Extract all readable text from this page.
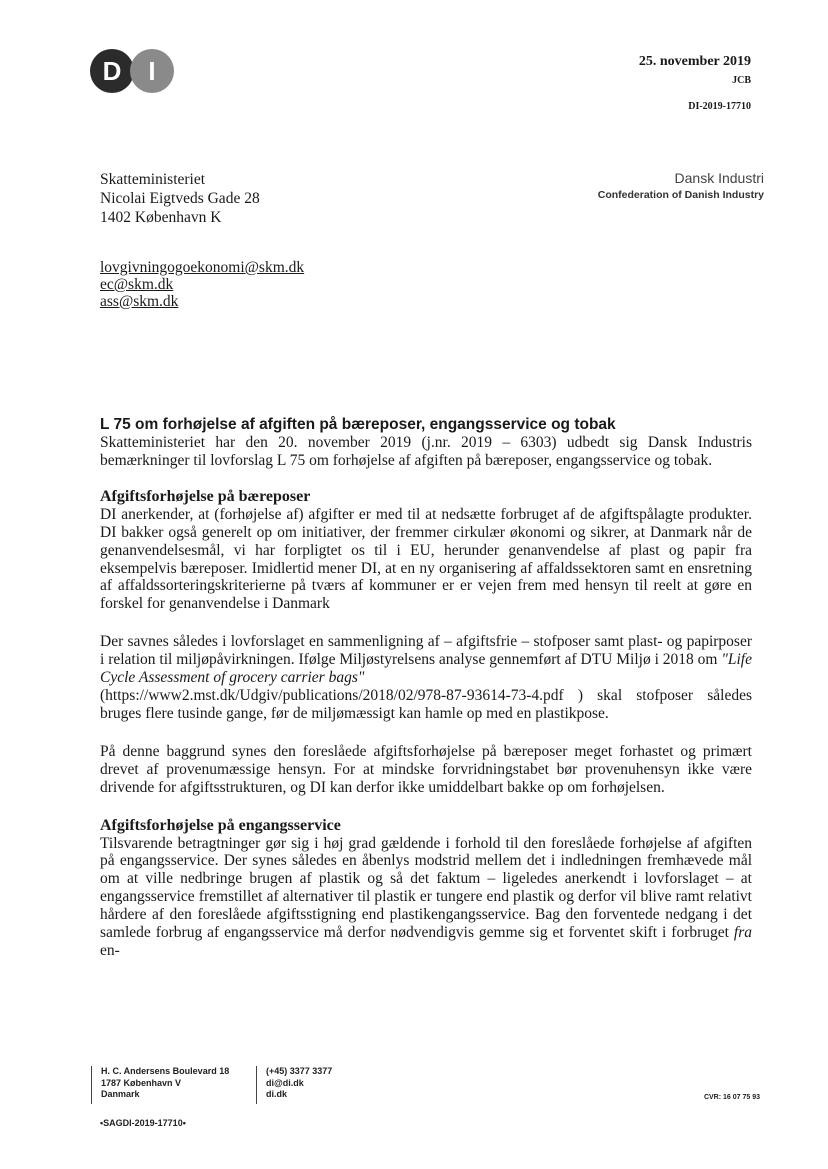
D	I	25. november 2019
JCB
DI-2019-17710
Skatteministeriet
Nicolai Eigtveds Gade 28
1402 København K
Dansk Industri
Confederation of Danish Industry
lovgivningogoekonomi@skm.dk
ec@skm.dk
ass@skm.dk
L 75 om forhøjelse af afgiften på bæreposer, engangsservice og tobak

Skatteministeriet har den 20. november 2019 (j.nr. 2019 – 6303) udbedt sig Dansk Industris bemærkninger til lovforslag L 75 om forhøjelse af afgiften på bæreposer, engangsservice og tobak.

Afgiftsforhøjelse på bæreposer

DI anerkender, at (forhøjelse af) afgifter er med til at nedsætte forbruget af de afgiftspålagte produkter. DI bakker også generelt op om initiativer, der fremmer cirkulær økonomi og sikrer, at Danmark når de genanvendelsesmål, vi har forpligtet os til i EU, herunder genanvendelse af plast og papir fra eksempelvis bæreposer. Imidlertid mener DI, at en ny organisering af affaldssektoren samt en ensretning af affaldssorteringskriterierne på tværs af kommuner er er vejen frem med hensyn til reelt at gøre en forskel for genanvendelse i Danmark

Der savnes således i lovforslaget en sammenligning af – afgiftsfrie – stofposer samt plast- og papirposer i relation til miljøpåvirkningen. Ifølge Miljøstyrelsens analyse gennemført af DTU Miljø i 2018 om "Life Cycle Assessment of grocery carrier bags"
(https://www2.mst.dk/Udgiv/publications/2018/02/978-87-93614-73-4.pdf ) skal stofposer således bruges flere tusinde gange, før de miljømæssigt kan hamle op med en plastikpose.

På denne baggrund synes den foreslåede afgiftsforhøjelse på bæreposer meget forhastet og primært drevet af provenumæssige hensyn. For at mindske forvridningstabet bør provenuhensyn ikke være drivende for afgiftsstrukturen, og DI kan derfor ikke umiddelbart bakke op om forhøjelsen.

Afgiftsforhøjelse på engangsservice

Tilsvarende betragtninger gør sig i høj grad gældende i forhold til den foreslåede forhøjelse af afgiften på engangsservice. Der synes således en åbenlys modstrid mellem det i indledningen fremhævede mål om at ville nedbringe brugen af plastik og så det faktum – ligeledes anerkendt i lovforslaget – at engangsservice fremstillet af alternativer til plastik er tungere end plastik og derfor vil blive ramt relativt hårdere af den foreslåede afgiftsstigning end plastikengangsservice. Bag den forventede nedgang i det samlede forbrug af engangsservice må derfor nødvendigvis gemme sig et forventet skift i forbruget fra en-

H. C. Andersens Boulevard 18
1787 København V
Danmark
(+45) 3377 3377
di@di.dk
di.dk	CVR: 16 07 75 93
•SAGDI-2019-17710•
